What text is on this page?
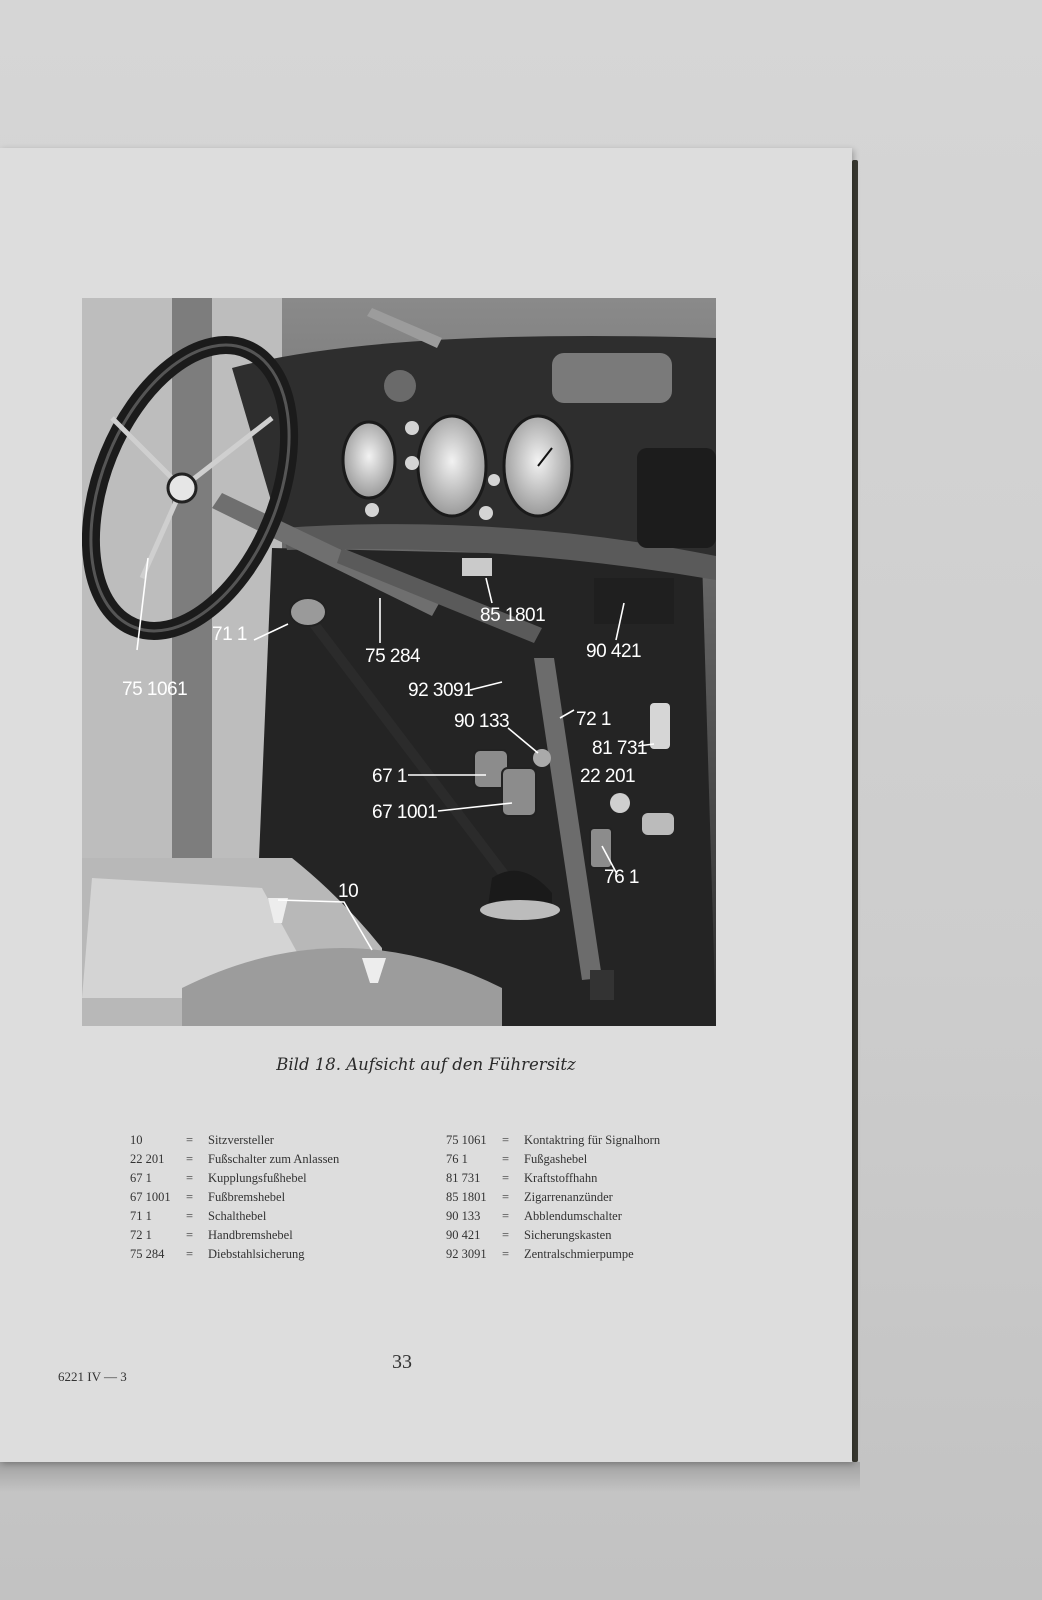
75 1061
71 1
75 284
85 1801
90 421
92 3091
90 133	72 1
81 731
22 201
67 1
67 1001
76 1
10
Bild 18. Aufsicht auf den Führersitz
10	= Sitzversteller
22 201 = Fußschalter zum Anlassen
67 1	= Kupplungsfußhebel
67 1001 = Fußbremshebel
71 1	= Schalthebel
72 1	= Handbremshebel
75 284 = Diebstahlsicherung
75 1061 = Kontaktring für Signalhorn
76 1	= Fußgashebel
81 731 = Kraftstoffhahn
85 1801 = Zigarrenanzünder
90 133 = Abblendumschalter
90 421 = Sicherungskasten
92 3091 = Zentralschmierpumpe
6221 IV — 3
33
